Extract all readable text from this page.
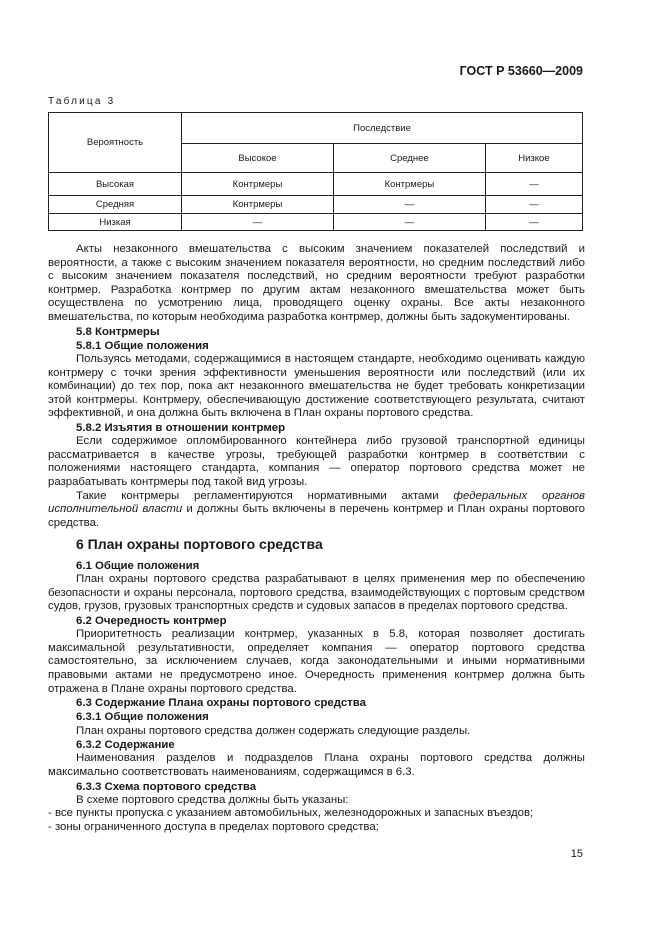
ГОСТ Р 53660—2009
Таблица 3
Вероятность	Последствие		
	Высокое	Среднее	Низкое
Высокая	Контрмеры	Контрмеры	—
Средняя	Контрмеры	—	—
Низкая	—	—	—

Акты незаконного вмешательства с высоким значением показателей последствий и вероятности, а также с высоким значением показателя вероятности, но средним последствий либо с высоким значением показателя последствий, но средним вероятности требуют разработки контрмер. Разработка контрмер по другим актам незаконного вмешательства может быть осуществлена по усмотрению лица, проводящего оценку охраны. Все акты незаконного вмешательства, по которым необходима разработка контрмер, должны быть задокументированы.

5.8 Контрмеры
5.8.1 Общие положения

Пользуясь методами, содержащимися в настоящем стандарте, необходимо оценивать каждую контрмеру с точки зрения эффективности уменьшения вероятности или последствий (или их комбинации) до тех пор, пока акт незаконного вмешательства не будет требовать конкретизации этой контрмеры. Контрмеру, обеспечивающую достижение соответствующего результата, считают эффективной, и она должна быть включена в План охраны портового средства.

5.8.2 Изъятия в отношении контрмер

Если содержимое опломбированного контейнера либо грузовой транспортной единицы рассматривается в качестве угрозы, требующей разработки контрмер в соответствии с положениями настоящего стандарта, компания — оператор портового средства может не разрабатывать контрмеры под такой вид угрозы.

Такие контрмеры регламентируются нормативными актами федеральных органов исполнительной власти и должны быть включены в перечень контрмер и План охраны портового средства.

6 План охраны портового средства
6.1 Общие положения

План охраны портового средства разрабатывают в целях применения мер по обеспечению безопасности и охраны персонала, портового средства, взаимодействующих с портовым средством судов, грузов, грузовых транспортных средств и судовых запасов в пределах портового средства.

6.2 Очередность контрмер

Приоритетность реализации контрмер, указанных в 5.8, которая позволяет достигать максимальной результативности, определяет компания — оператор портового средства самостоятельно, за исключением случаев, когда законодательными и иными нормативными правовыми актами не предусмотрено иное. Очередность применения контрмер должна быть отражена в Плане охраны портового средства.

6.3 Содержание Плана охраны портового средства
6.3.1 Общие положения

План охраны портового средства должен содержать следующие разделы.

6.3.2 Содержание

Наименования разделов и подразделов Плана охраны портового средства должны максимально соответствовать наименованиям, содержащимся в 6.3.

6.3.3 Схема портового средства

В схеме портового средства должны быть указаны:

- все пункты пропуска с указанием автомобильных, железнодорожных и запасных въездов;

- зоны ограниченного доступа в пределах портового средства;

15
